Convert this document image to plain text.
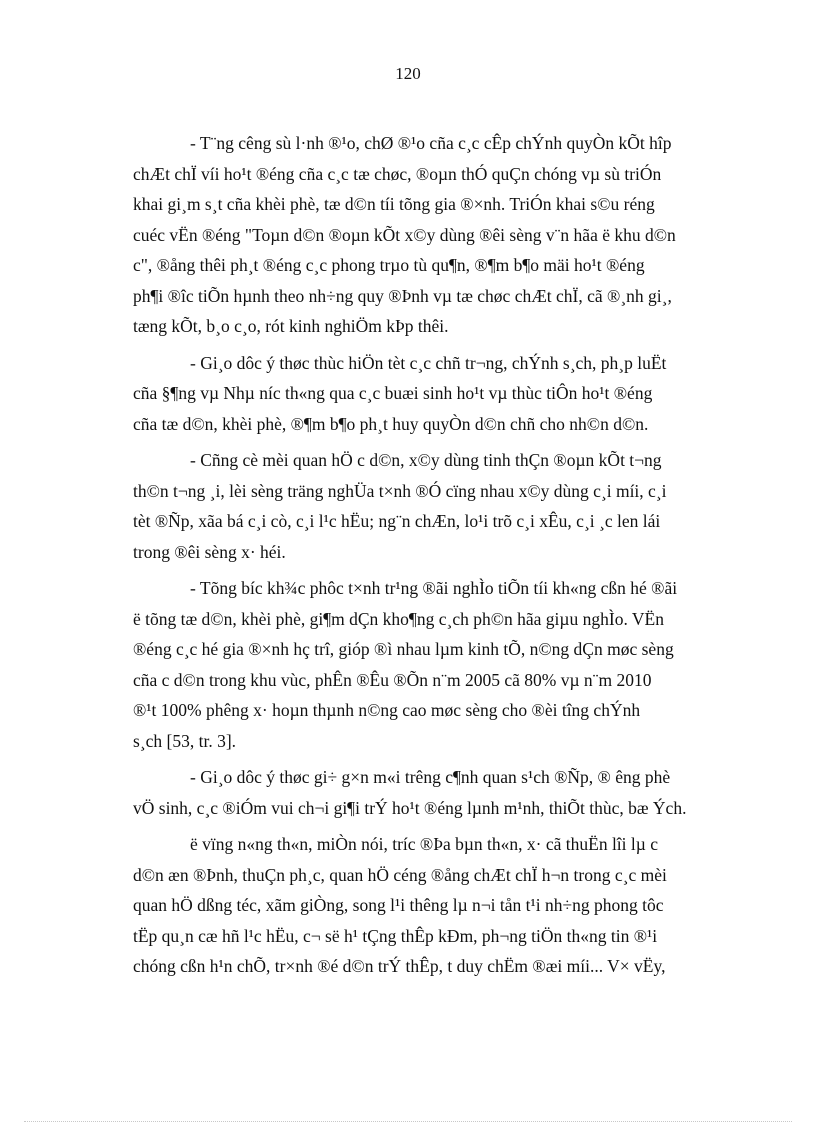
120

- T¨ng cêng sù l·nh ®¹o, chØ ®¹o cña c¸c cÊp chÝnh quyÒn kÕt hîp
chÆt chÏ víi ho¹t ®éng cña c¸c tæ chøc, ®oµn thÓ quÇn chóng vµ sù triÓn
khai gi¸m s¸t cña khèi phè, tæ d©n tíi tõng gia ®×nh. TriÓn khai s©u réng
cuéc vËn ®éng "Toµn d©n ®oµn kÕt x©y dùng ®êi sèng v¨n hãa ë khu d©n
c", ®ång thêi ph¸t ®éng c¸c phong trµo tù qu¶n, ®¶m b¶o mäi ho¹t ®éng
ph¶i ®îc tiÕn hµnh theo nh÷ng quy ®Þnh vµ tæ chøc chÆt chÏ, cã ®¸nh gi¸,
tæng kÕt, b¸o c¸o, rót kinh nghiÖm kÞp thêi.

- Gi¸o dôc ý thøc thùc hiÖn tèt c¸c chñ tr¬ng, chÝnh s¸ch, ph¸p luËt
cña §¶ng vµ Nhµ níc th«ng qua c¸c buæi sinh ho¹t vµ thùc tiÔn ho¹t ®éng
cña tæ d©n, khèi phè, ®¶m b¶o ph¸t huy quyÒn d©n chñ cho nh©n d©n.

- Cñng cè mèi quan hÖ c d©n, x©y dùng tinh thÇn ®oµn kÕt t¬ng
th©n t¬ng ¸i, lèi sèng träng nghÜa t×nh ®Ó cïng nhau x©y dùng c¸i míi, c¸i
tèt ®Ñp, xãa bá c¸i cò, c¸i l¹c hËu; ng¨n chÆn, lo¹i trõ c¸i xÊu, c¸i ¸c len lái
trong ®êi sèng x· héi.

- Tõng bíc kh¾c phôc t×nh tr¹ng ®ãi nghÌo tiÕn tíi kh«ng cßn hé ®ãi
ë tõng tæ d©n, khèi phè, gi¶m dÇn kho¶ng c¸ch ph©n hãa giµu nghÌo. VËn
®éng c¸c hé gia ®×nh hç trî, gióp ®ì nhau lµm kinh tÕ, n©ng dÇn møc sèng
cña c d©n trong khu vùc, phÊn ®Êu ®Õn n¨m 2005 cã 80% vµ n¨m 2010
®¹t 100% phêng x· hoµn thµnh n©ng cao møc sèng cho ®èi tîng chÝnh
s¸ch [53, tr. 3].

- Gi¸o dôc ý thøc gi÷ g×n m«i trêng c¶nh quan s¹ch ®Ñp, ® êng phè
vÖ sinh, c¸c ®iÓm vui ch¬i gi¶i trÝ ho¹t ®éng lµnh m¹nh, thiÕt thùc, bæ Ých.

ë vïng n«ng th«n, miÒn nói, tríc ®Þa bµn th«n, x· cã thuËn lîi lµ c
d©n æn ®Þnh, thuÇn ph¸c, quan hÖ céng ®ång chÆt chÏ h¬n trong c¸c mèi
quan hÖ dßng téc, xãm giÒng, song l¹i thêng lµ n¬i tån t¹i nh÷ng phong tôc
tËp qu¸n cæ hñ l¹c hËu, c¬ së h¹ tÇng thÊp kÐm, ph¬ng tiÖn th«ng tin ®¹i
chóng cßn h¹n chÕ, tr×nh ®é d©n trÝ thÊp, t duy chËm ®æi míi... V× vËy,
